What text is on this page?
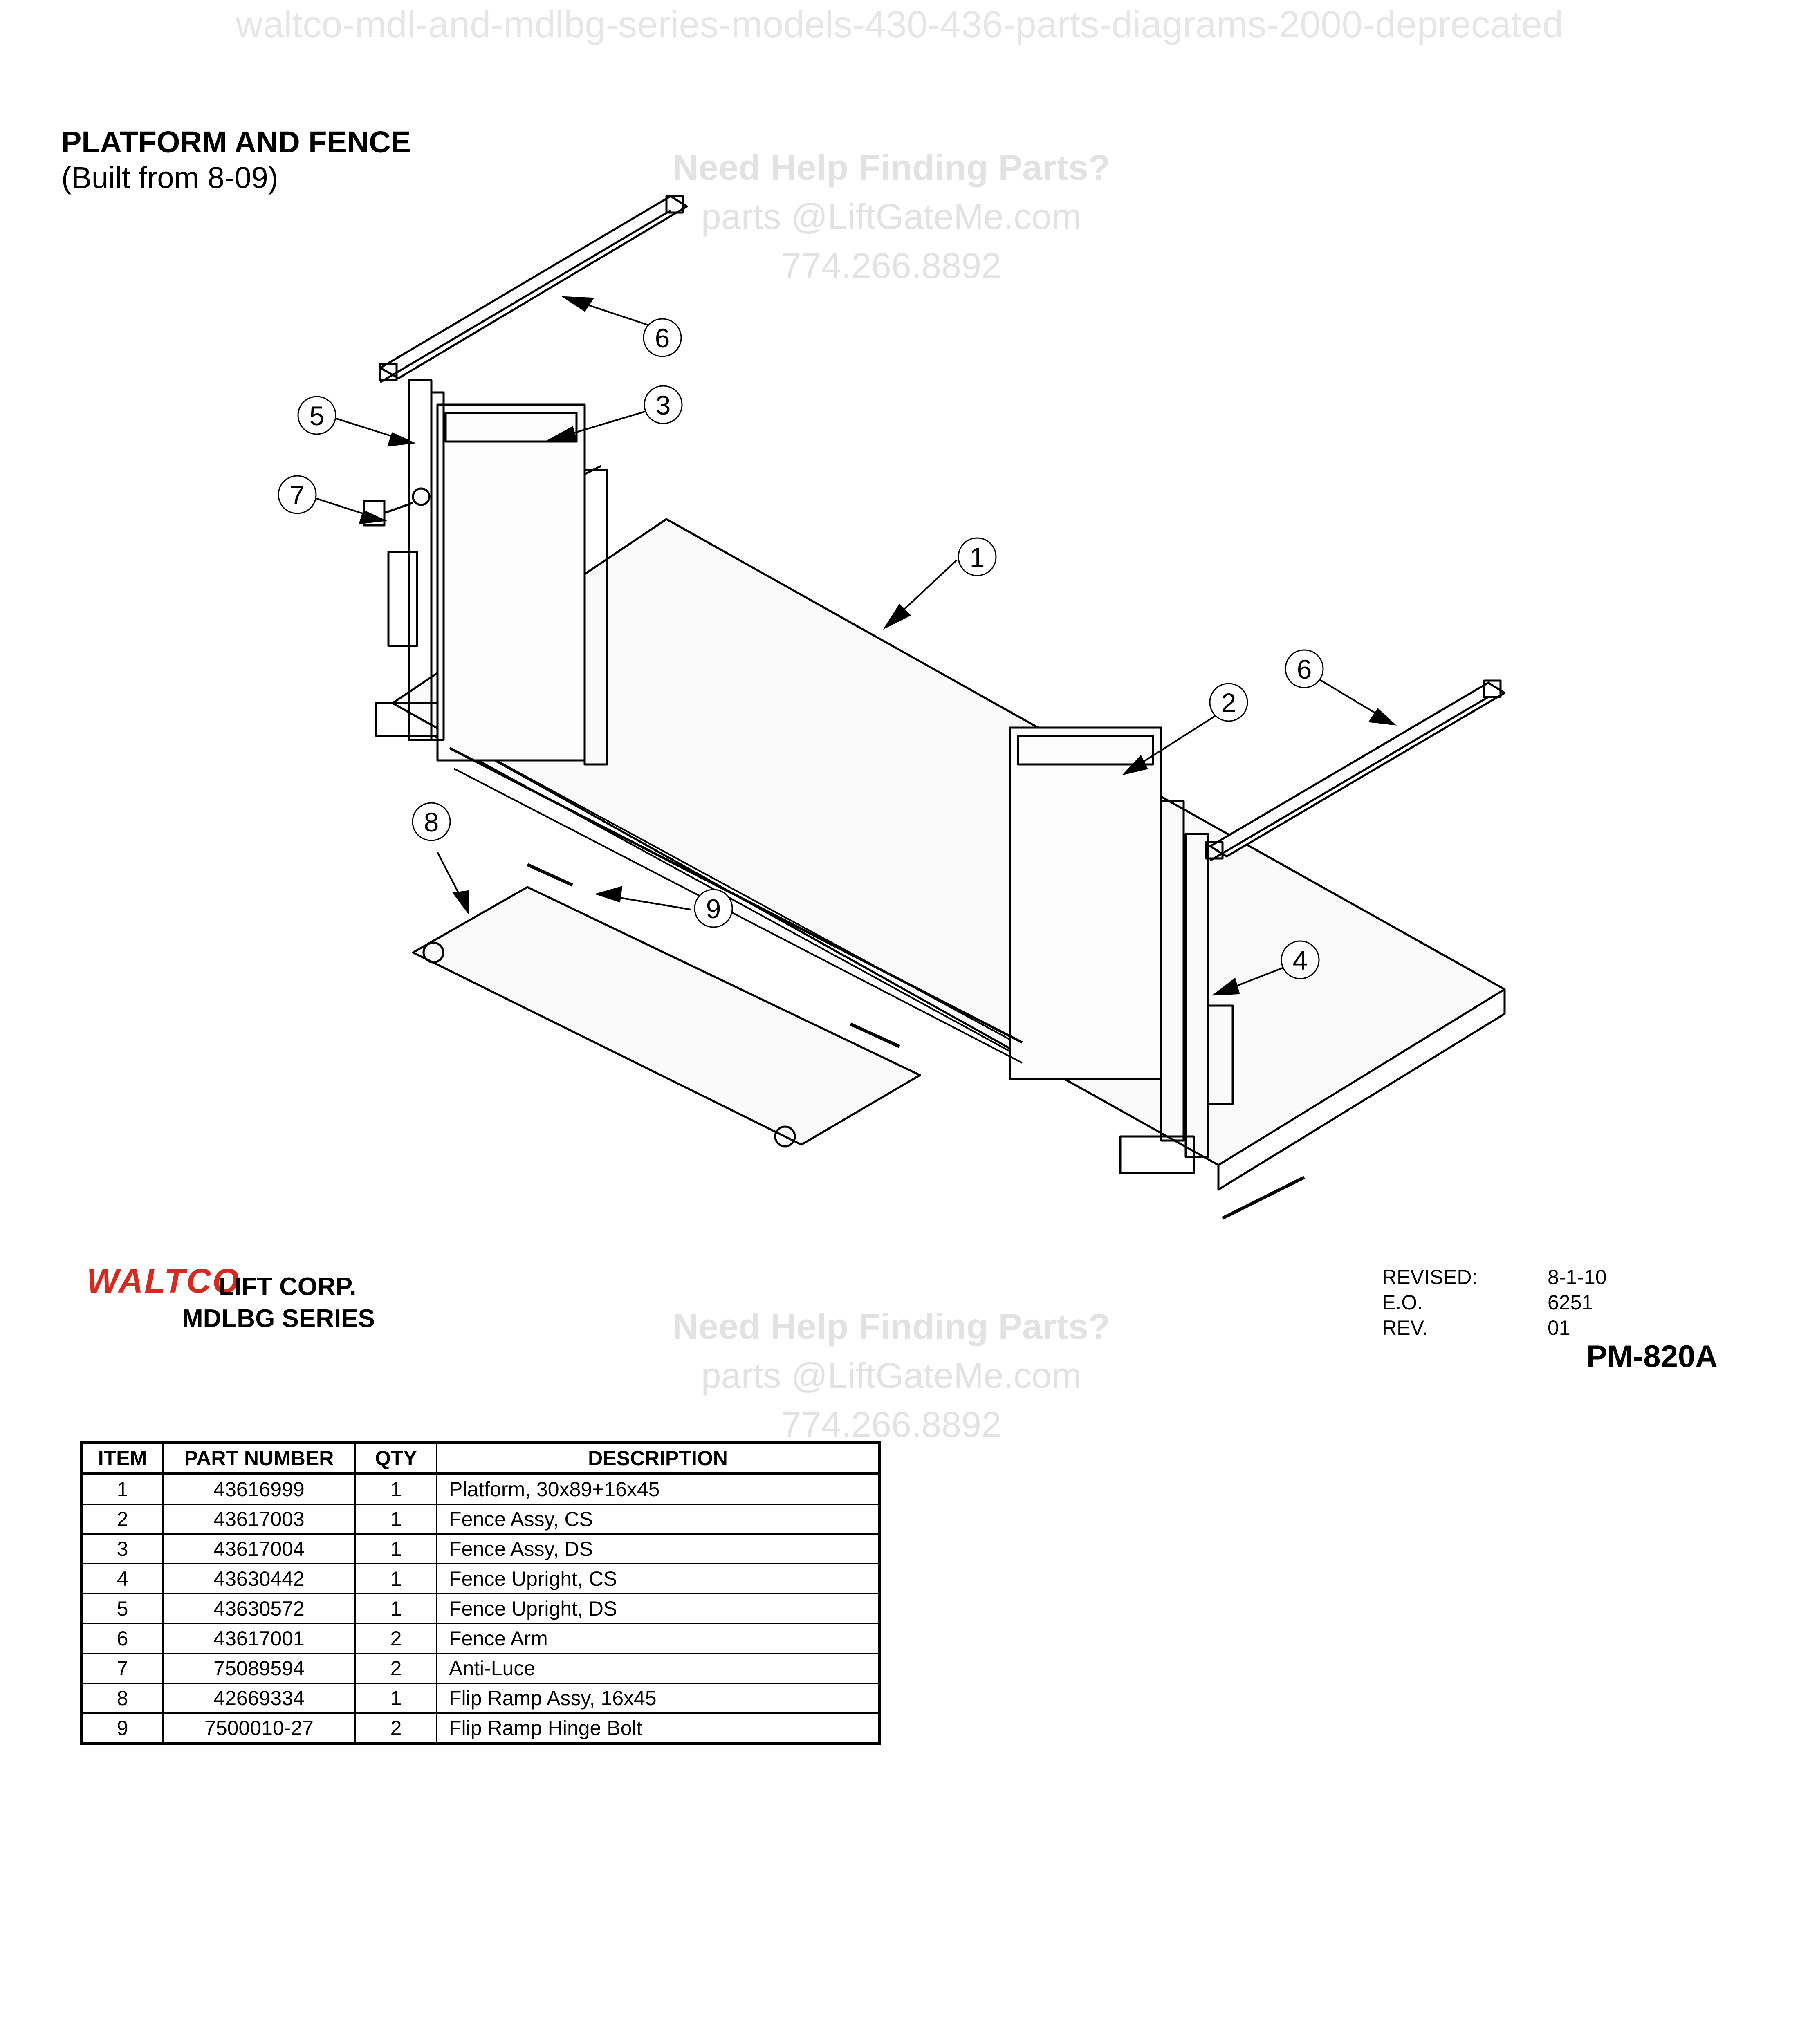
waltco-mdl-and-mdlbg-series-models-430-436-parts-diagrams-2000-deprecated
Need Help Finding Parts?
parts @LiftGateMe.com
774.266.8892
PLATFORM AND FENCE
(Built from 8-09)
6
3
5
7
1
6
2
4
8
9
WALTCO
LIFT CORP.
MDLBG SERIES	Need Help Finding Parts?
parts @LiftGateMe.com
774.266.8892
REVISED:	8-1-10
E.O.	6251
REV.	01
PM-820A
ITEM	PART NUMBER	QTY	DESCRIPTION
1	43616999	1	Platform, 30x89+16x45
2	43617003	1	Fence Assy, CS
3	43617004	1	Fence Assy, DS
4	43630442	1	Fence Upright, CS
5	43630572	1	Fence Upright, DS
6	43617001	2	Fence Arm
7	75089594	2	Anti-Luce
8	42669334	1	Flip Ramp Assy, 16x45
9	7500010-27	2	Flip Ramp Hinge Bolt
